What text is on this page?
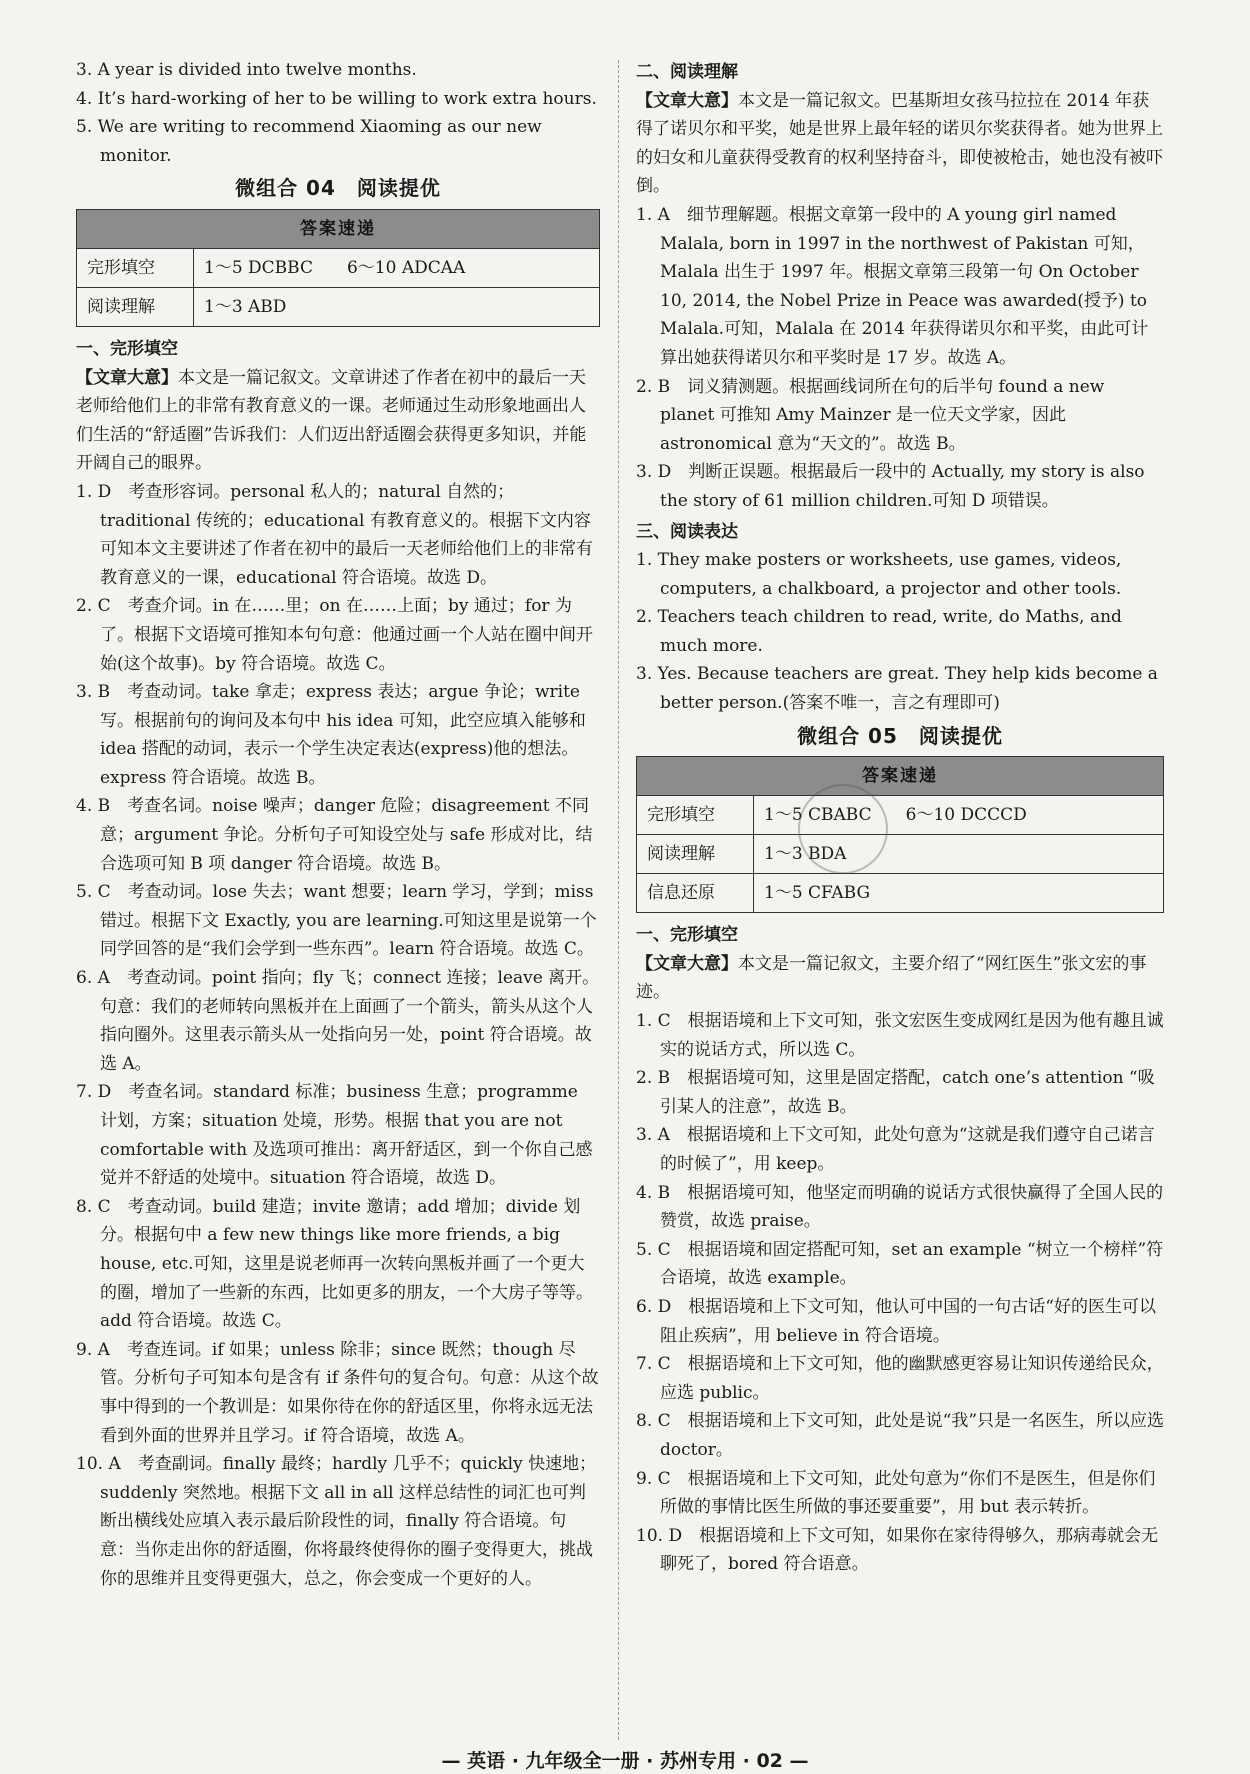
3. A year is divided into twelve months.

4. It’s hard-working of her to be willing to work extra hours.

5. We are writing to recommend Xiaoming as our new monitor.

微组合 04　阅读提优
答案速递	
完形填空	1～5 DCBBC　　6～10 ADCAA
阅读理解	1～3 ABD

一、完形填空

【文章大意】本文是一篇记叙文。文章讲述了作者在初中的最后一天老师给他们上的非常有教育意义的一课。老师通过生动形象地画出人们生活的“舒适圈”告诉我们：人们迈出舒适圈会获得更多知识，并能开阔自己的眼界。

1. D　考查形容词。personal 私人的；natural 自然的；traditional 传统的；educational 有教育意义的。根据下文内容可知本文主要讲述了作者在初中的最后一天老师给他们上的非常有教育意义的一课，educational 符合语境。故选 D。

2. C　考查介词。in 在……里；on 在……上面；by 通过；for 为了。根据下文语境可推知本句句意：他通过画一个人站在圈中间开始(这个故事)。by 符合语境。故选 C。

3. B　考查动词。take 拿走；express 表达；argue 争论；write 写。根据前句的询问及本句中 his idea 可知，此空应填入能够和 idea 搭配的动词，表示一个学生决定表达(express)他的想法。express 符合语境。故选 B。

4. B　考查名词。noise 噪声；danger 危险；disagreement 不同意；argument 争论。分析句子可知设空处与 safe 形成对比，结合选项可知 B 项 danger 符合语境。故选 B。

5. C　考查动词。lose 失去；want 想要；learn 学习，学到；miss 错过。根据下文 Exactly, you are learning.可知这里是说第一个同学回答的是“我们会学到一些东西”。learn 符合语境。故选 C。

6. A　考查动词。point 指向；fly 飞；connect 连接；leave 离开。句意：我们的老师转向黑板并在上面画了一个箭头，箭头从这个人指向圈外。这里表示箭头从一处指向另一处，point 符合语境。故选 A。

7. D　考查名词。standard 标准；business 生意；programme 计划，方案；situation 处境，形势。根据 that you are not comfortable with 及选项可推出：离开舒适区，到一个你自己感觉并不舒适的处境中。situation 符合语境，故选 D。

8. C　考查动词。build 建造；invite 邀请；add 增加；divide 划分。根据句中 a few new things like more friends, a big house, etc.可知，这里是说老师再一次转向黑板并画了一个更大的圈，增加了一些新的东西，比如更多的朋友，一个大房子等等。add 符合语境。故选 C。

9. A　考查连词。if 如果；unless 除非；since 既然；though 尽管。分析句子可知本句是含有 if 条件句的复合句。句意：从这个故事中得到的一个教训是：如果你待在你的舒适区里，你将永远无法看到外面的世界并且学习。if 符合语境，故选 A。

10. A　考查副词。finally 最终；hardly 几乎不；quickly 快速地；suddenly 突然地。根据下文 all in all 这样总结性的词汇也可判断出横线处应填入表示最后阶段性的词，finally 符合语境。句意：当你走出你的舒适圈，你将最终使得你的圈子变得更大，挑战你的思维并且变得更强大，总之，你会变成一个更好的人。

二、阅读理解

【文章大意】本文是一篇记叙文。巴基斯坦女孩马拉拉在 2014 年获得了诺贝尔和平奖，她是世界上最年轻的诺贝尔奖获得者。她为世界上的妇女和儿童获得受教育的权利坚持奋斗，即使被枪击，她也没有被吓倒。

1. A　细节理解题。根据文章第一段中的 A young girl named Malala, born in 1997 in the northwest of Pakistan 可知，Malala 出生于 1997 年。根据文章第三段第一句 On October 10, 2014, the Nobel Prize in Peace was awarded(授予) to Malala.可知，Malala 在 2014 年获得诺贝尔和平奖，由此可计算出她获得诺贝尔和平奖时是 17 岁。故选 A。

2. B　词义猜测题。根据画线词所在句的后半句 found a new planet 可推知 Amy Mainzer 是一位天文学家，因此 astronomical 意为“天文的”。故选 B。

3. D　判断正误题。根据最后一段中的 Actually, my story is also the story of 61 million children.可知 D 项错误。

三、阅读表达

1. They make posters or worksheets, use games, videos, computers, a chalkboard, a projector and other tools.

2. Teachers teach children to read, write, do Maths, and much more.

3. Yes. Because teachers are great. They help kids become a better person.(答案不唯一，言之有理即可)

微组合 05　阅读提优
答案速递	
完形填空	1～5 CBABC　　6～10 DCCCD
阅读理解	1～3 BDA
信息还原	1～5 CFABG

一、完形填空

【文章大意】本文是一篇记叙文，主要介绍了“网红医生”张文宏的事迹。

1. C　根据语境和上下文可知，张文宏医生变成网红是因为他有趣且诚实的说话方式，所以选 C。

2. B　根据语境可知，这里是固定搭配，catch one’s attention “吸引某人的注意”，故选 B。

3. A　根据语境和上下文可知，此处句意为“这就是我们遵守自己诺言的时候了”，用 keep。

4. B　根据语境可知，他坚定而明确的说话方式很快赢得了全国人民的赞赏，故选 praise。

5. C　根据语境和固定搭配可知，set an example “树立一个榜样”符合语境，故选 example。

6. D　根据语境和上下文可知，他认可中国的一句古话“好的医生可以阻止疾病”，用 believe in 符合语境。

7. C　根据语境和上下文可知，他的幽默感更容易让知识传递给民众，应选 public。

8. C　根据语境和上下文可知，此处是说“我”只是一名医生，所以应选 doctor。

9. C　根据语境和上下文可知，此处句意为“你们不是医生，但是你们所做的事情比医生所做的事还要重要”，用 but 表示转折。

10. D　根据语境和上下文可知，如果你在家待得够久，那病毒就会无聊死了，bored 符合语意。

— 英语 · 九年级全一册 · 苏州专用 · 02 —
